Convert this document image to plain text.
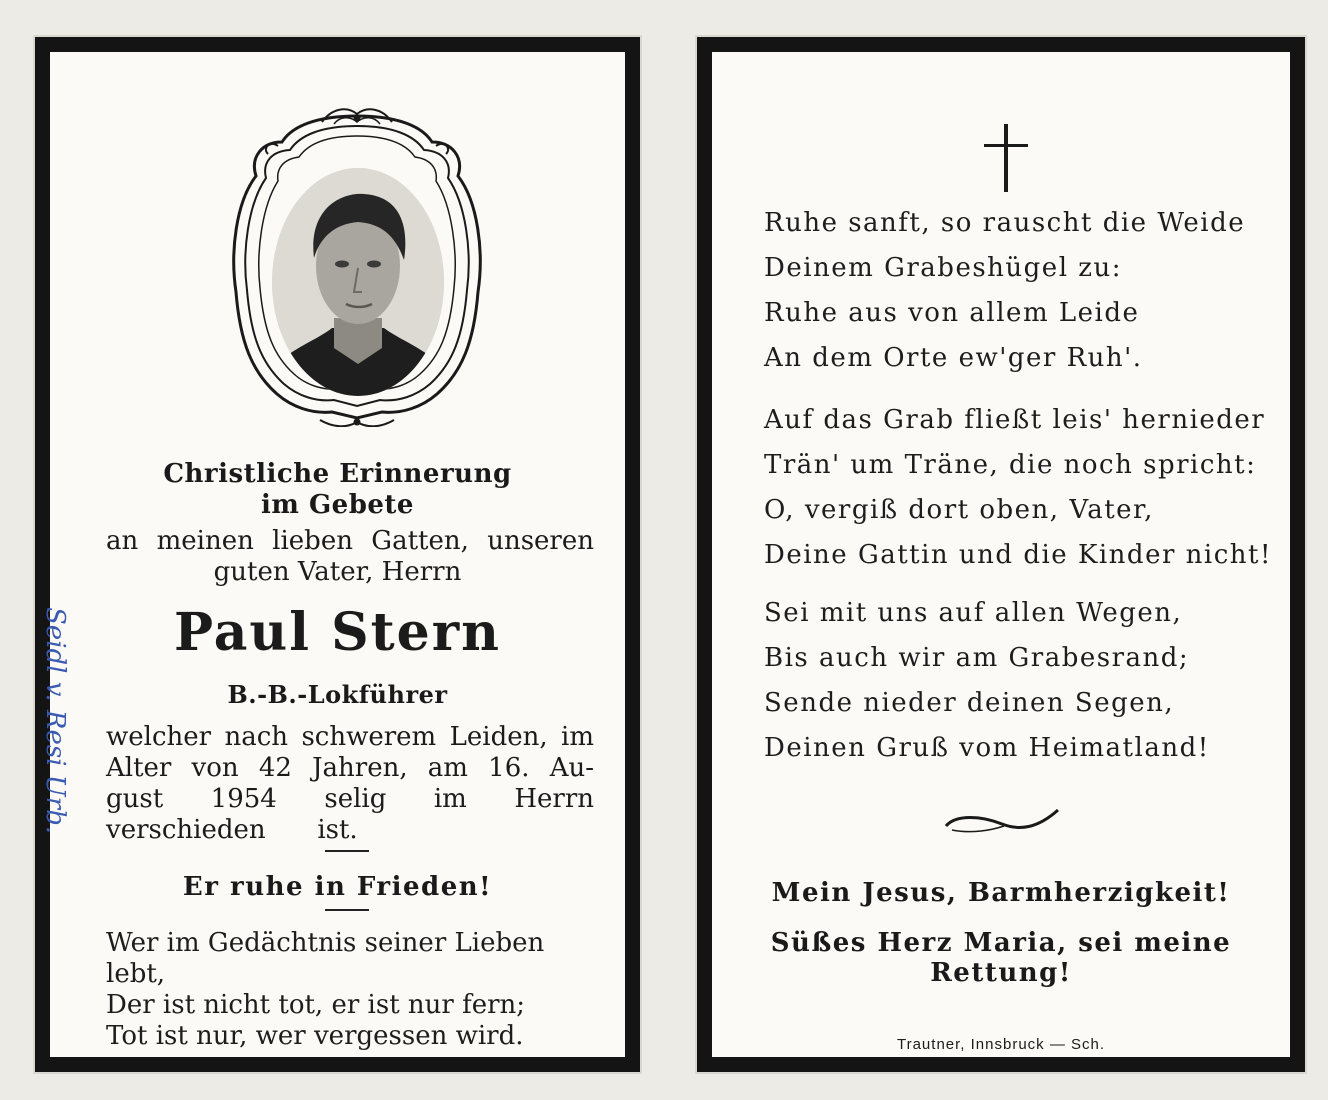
Seidl v. Resi Urb.
Christliche Erinnerung
im Gebete
an meinen lieben Gatten, unseren
guten Vater, Herrn
Paul Stern
B.-B.-Lokführer
welcher nach schwerem Leiden, im
Alter von 42 Jahren, am 16. Au-
gust 1954 selig im Herrn verschieden	ist.
Er ruhe in Frieden!
Wer im Gedächtnis seiner Lieben lebt,
Der ist nicht tot, er ist nur fern;
Tot ist nur, wer vergessen wird.
Ruhe sanft, so rauscht die Weide
Deinem Grabeshügel zu:
Ruhe aus von allem Leide
An dem Orte ew'ger Ruh'.
Auf das Grab fließt leis' hernieder
Trän' um Träne, die noch spricht:
O, vergiß dort oben, Vater,
Deine Gattin und die Kinder nicht!
Sei mit uns auf allen Wegen,
Bis auch wir am Grabesrand;
Sende nieder deinen Segen,
Deinen Gruß vom Heimatland!
Mein Jesus, Barmherzigkeit!
Süßes Herz Maria, sei meine
Rettung!
Trautner, Innsbruck — Sch.
